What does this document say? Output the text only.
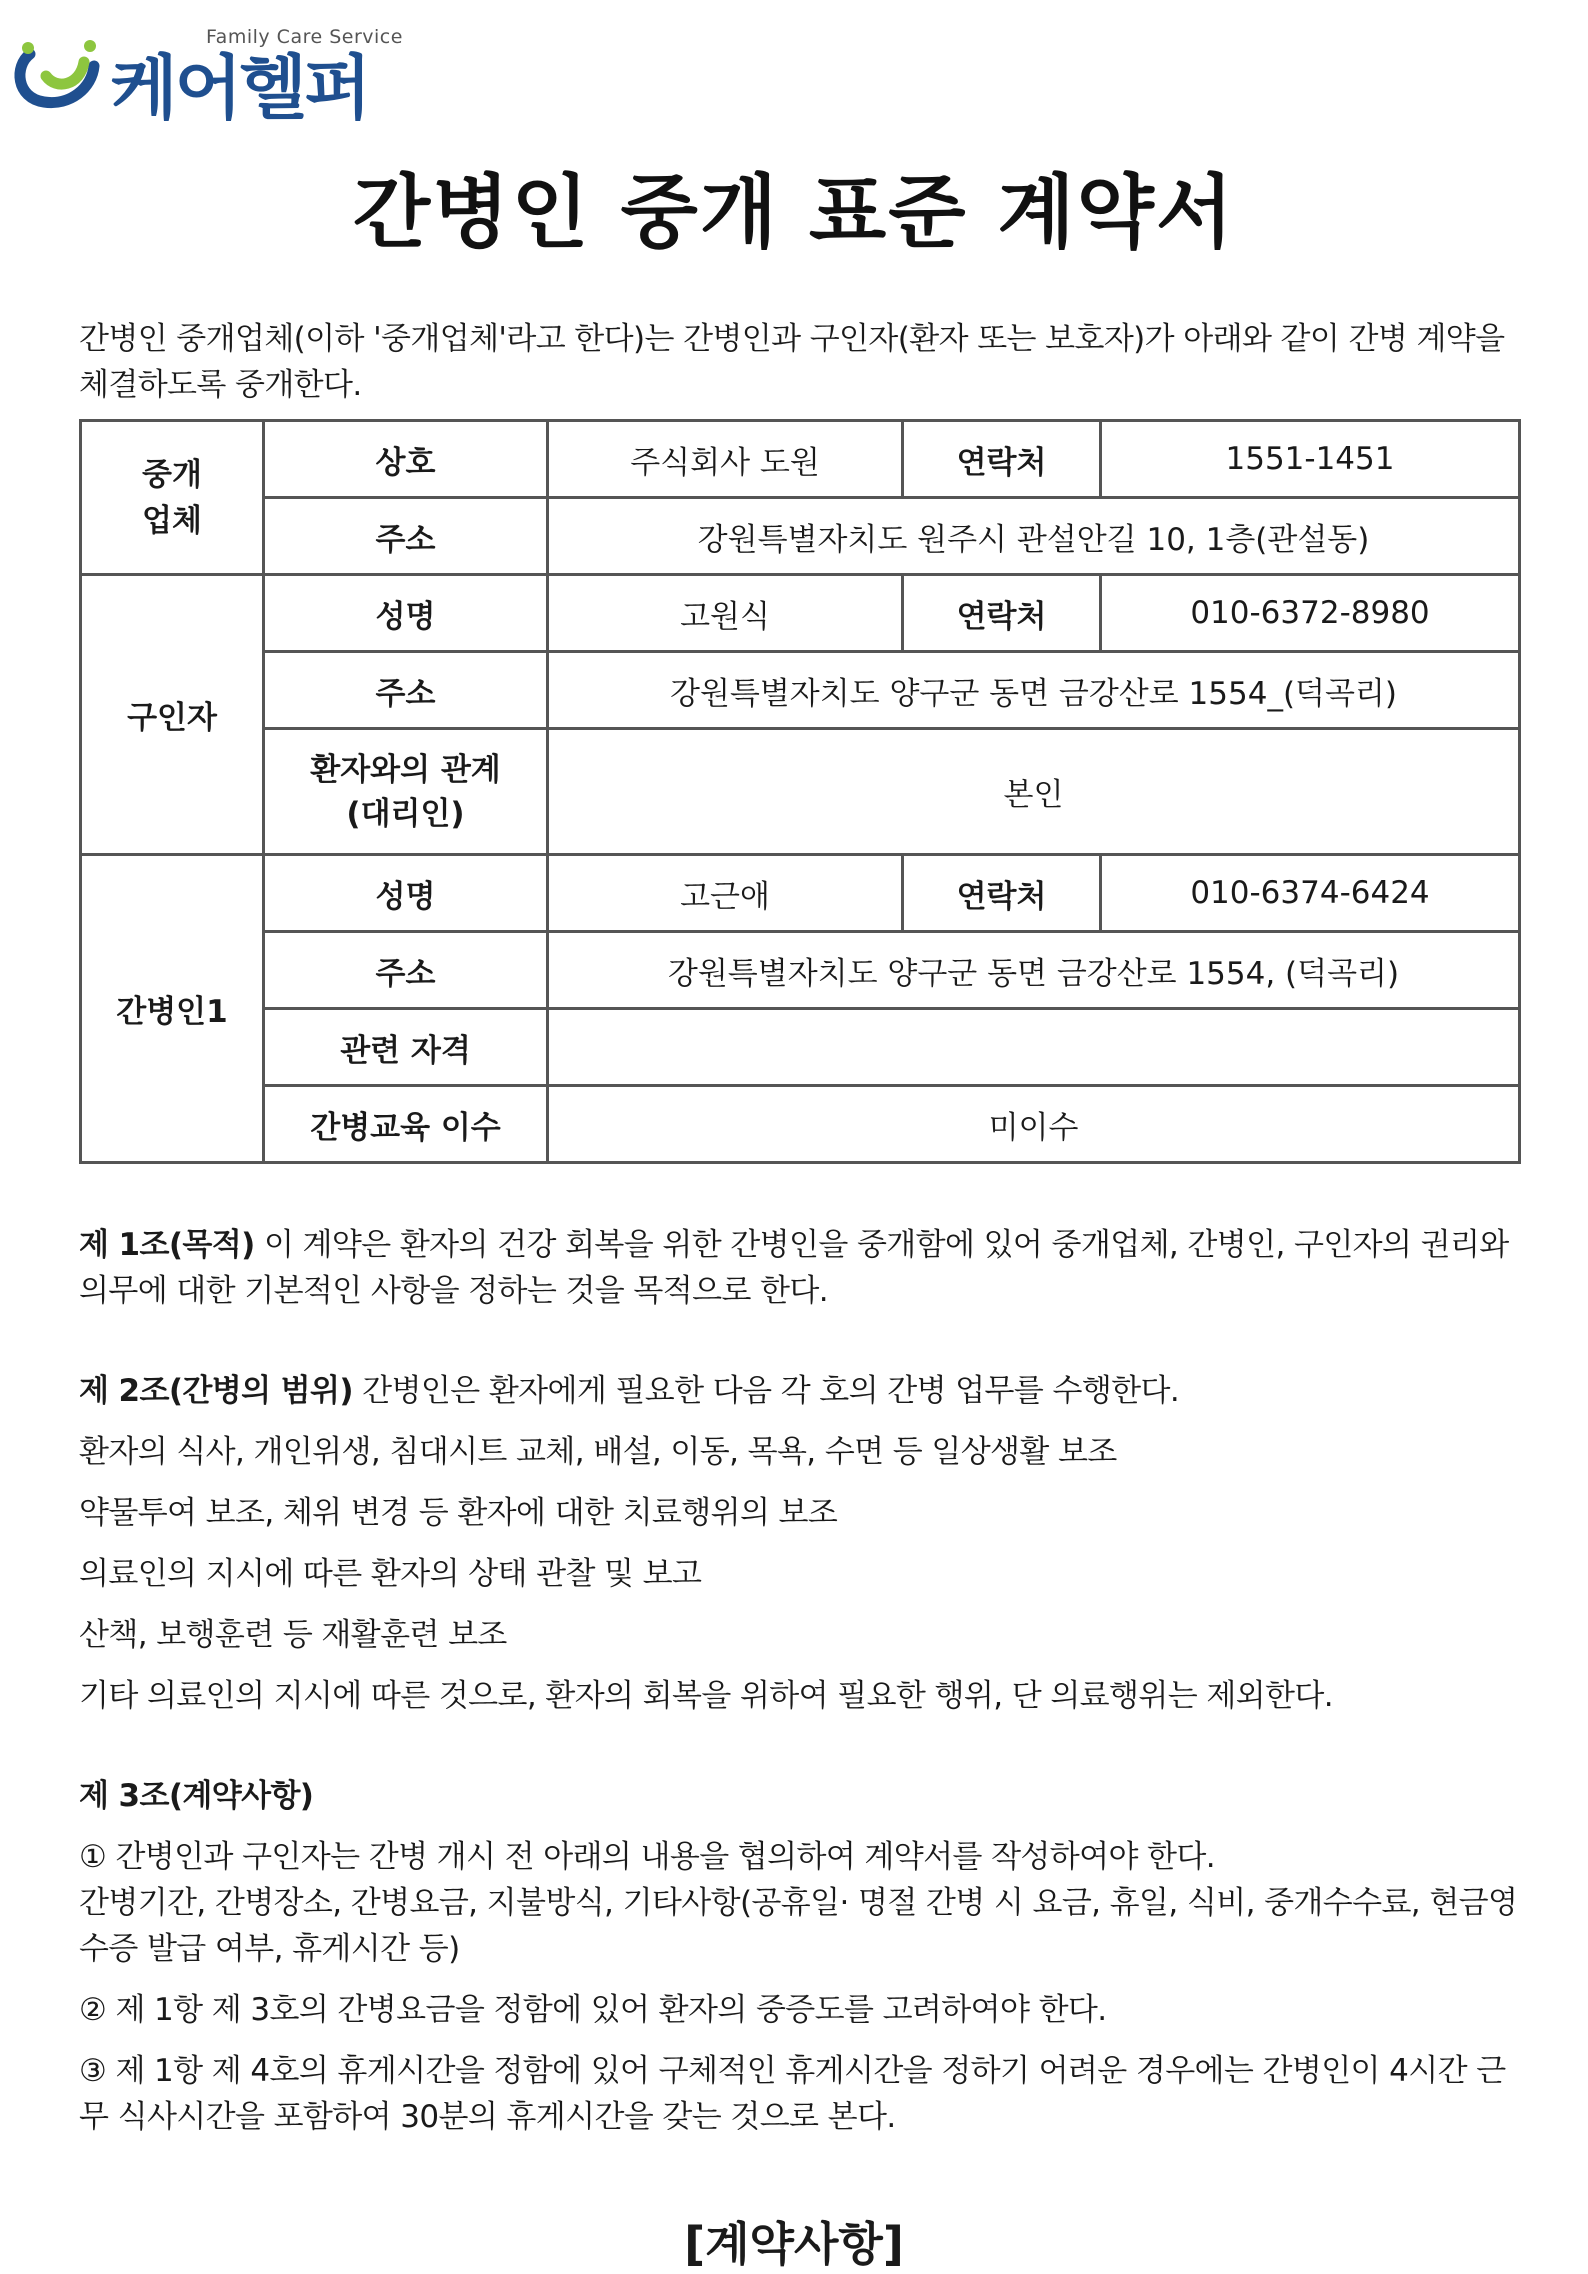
Family Care Service
케어헬퍼
간병인 중개 표준 계약서
간병인 중개업체(이하 '중개업체'라고 한다)는 간병인과 구인자(환자 또는 보호자)가 아래와 같이 간병 계약을 체결하도록 중개한다.
중개 업체	상호	주식회사 도원	연락처	1551-1451
	주소	강원특별자치도 원주시 관설안길 10, 1층(관설동)		
구인자	성명	고원식	연락처	010-6372-8980
	주소	강원특별자치도 양구군 동면 금강산로 1554_(덕곡리)		

	환자와의 관계 (대리인)	본인		
간병인1	성명	고근애	연락처	010-6374-6424
	주소	강원특별자치도 양구군 동면 금강산로 1554, (덕곡리)		
	관련 자격			
	간병교육 이수	미이수		

제 1조(목적) 이 계약은 환자의 건강 회복을 위한 간병인을 중개함에 있어 중개업체, 간병인, 구인자의 권리와 의무에 대한 기본적인 사항을 정하는 것을 목적으로 한다.

제 2조(간병의 범위) 간병인은 환자에게 필요한 다음 각 호의 간병 업무를 수행한다.

환자의 식사, 개인위생, 침대시트 교체, 배설, 이동, 목욕, 수면 등 일상생활 보조

약물투여 보조, 체위 변경 등 환자에 대한 치료행위의 보조

의료인의 지시에 따른 환자의 상태 관찰 및 보고

산책, 보행훈련 등 재활훈련 보조

기타 의료인의 지시에 따른 것으로, 환자의 회복을 위하여 필요한 행위, 단 의료행위는 제외한다.

제 3조(계약사항)

① 간병인과 구인자는 간병 개시 전 아래의 내용을 협의하여 계약서를 작성하여야 한다.

간병기간, 간병장소, 간병요금, 지불방식, 기타사항(공휴일· 명절 간병 시 요금, 휴일, 식비, 중개수수료, 현금영수증 발급 여부, 휴게시간 등)

② 제 1항 제 3호의 간병요금을 정함에 있어 환자의 중증도를 고려하여야 한다.

③ 제 1항 제 4호의 휴게시간을 정함에 있어 구체적인 휴게시간을 정하기 어려운 경우에는 간병인이 4시간 근무 식사시간을 포함하여 30분의 휴게시간을 갖는 것으로 본다.

[계약사항]
